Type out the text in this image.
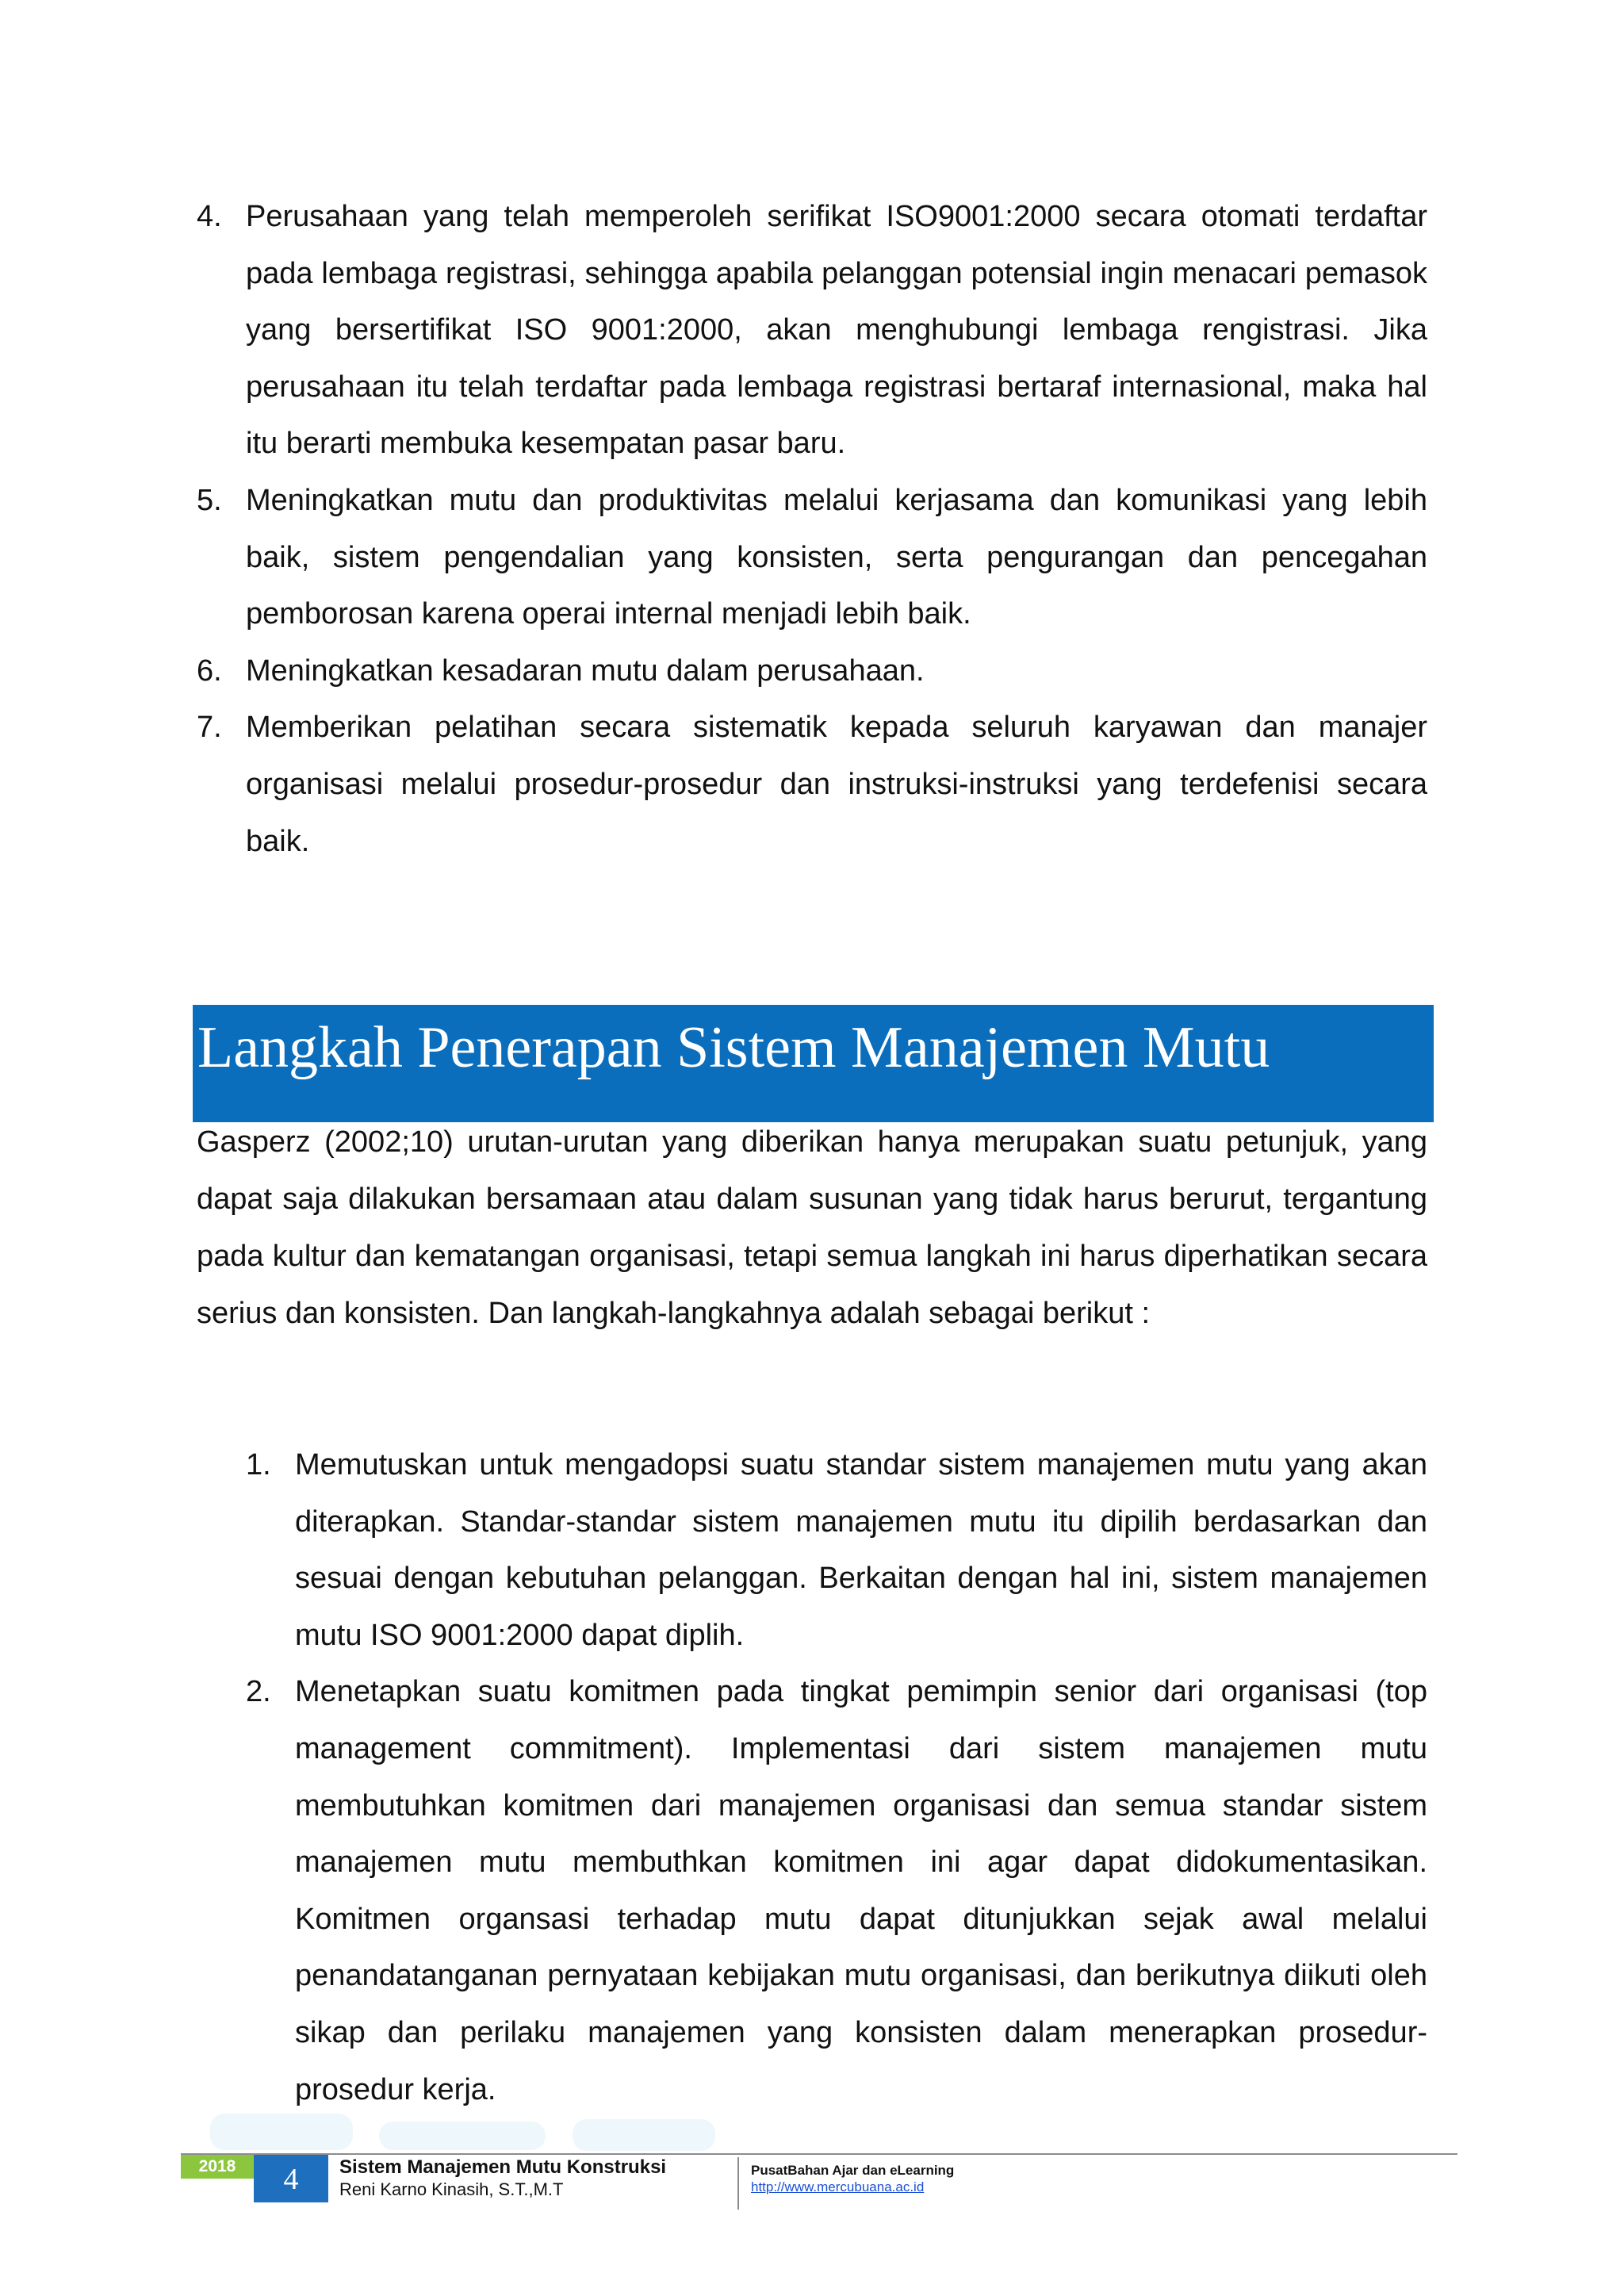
4. Perusahaan yang telah memperoleh serifikat ISO9001:2000 secara otomati terdaftar pada lembaga registrasi, sehingga apabila pelanggan potensial ingin menacari pemasok yang bersertifikat ISO 9001:2000, akan menghubungi lembaga rengistrasi. Jika perusahaan itu telah terdaftar pada lembaga registrasi bertaraf internasional, maka hal itu berarti membuka kesempatan pasar baru.
5. Meningkatkan mutu dan produktivitas melalui kerjasama dan komunikasi yang lebih baik, sistem pengendalian yang konsisten, serta pengurangan dan pencegahan pemborosan karena operai internal menjadi lebih baik.
6. Meningkatkan kesadaran mutu dalam perusahaan.
7. Memberikan pelatihan secara sistematik kepada seluruh karyawan dan manajer organisasi melalui prosedur-prosedur dan instruksi-instruksi yang terdefenisi secara baik.
Langkah Penerapan Sistem Manajemen Mutu

Gasperz (2002;10) urutan-urutan yang diberikan hanya merupakan suatu petunjuk, yang dapat saja dilakukan bersamaan atau dalam susunan yang tidak harus berurut, tergantung pada kultur dan kematangan organisasi, tetapi semua langkah ini harus diperhatikan secara serius dan konsisten. Dan langkah-langkahnya adalah sebagai berikut :

1. Memutuskan untuk mengadopsi suatu standar sistem manajemen mutu yang akan diterapkan. Standar-standar sistem manajemen mutu itu dipilih berdasarkan dan sesuai dengan kebutuhan pelanggan. Berkaitan dengan hal ini, sistem manajemen mutu ISO 9001:2000 dapat diplih.
2. Menetapkan suatu komitmen pada tingkat pemimpin senior dari organisasi (top management commitment). Implementasi dari sistem manajemen mutu membutuhkan komitmen dari manajemen organisasi dan semua standar sistem manajemen mutu membuthkan komitmen ini agar dapat didokumentasikan. Komitmen organsasi terhadap mutu dapat ditunjukkan sejak awal melalui penandatanganan pernyataan kebijakan mutu organisasi, dan berikutnya diikuti oleh sikap dan perilaku manajemen yang konsisten dalam menerapkan prosedur-prosedur kerja.
2018	4	Sistem Manajemen Mutu Konstruksi
Reni Karno Kinasih, S.T.,M.T
PusatBahan Ajar dan eLearning
http://www.mercubuana.ac.id
